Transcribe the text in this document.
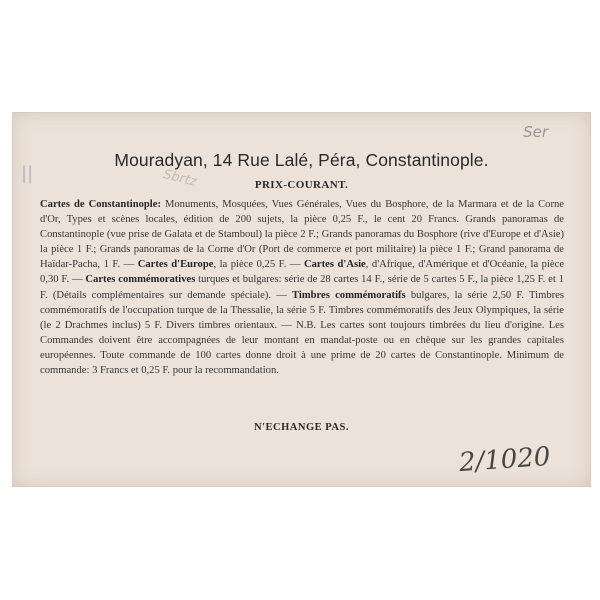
Ser
||	Sbrtz
Mouradyan, 14 Rue Lalé, Péra, Constantinople.
PRIX-COURANT.
Cartes de Constantinople: Monuments, Mosquées, Vues Générales, Vues du Bosphore, de la Marmara et de la Corne d'Or, Types et scènes locales, édition de 200 sujets, la pièce 0,25 F., le cent 20 Francs. Grands panoramas de Constantinople (vue prise de Galata et de Stamboul) la pièce 2 F.; Grands panoramas du Bosphore (rive d'Europe et d'Asie) la pièce 1 F.; Grands panoramas de la Corne d'Or (Port de commerce et port militaire) la pièce 1 F.; Grand panorama de Haïdar-Pacha, 1 F. — Cartes d'Europe, la pièce 0,25 F. — Cartes d'Asie, d'Afrique, d'Amérique et d'Océanie, la pièce 0,30 F. — Cartes commémoratives turques et bulgares: série de 28 cartes 14 F., série de 5 cartes 5 F., la pièce 1,25 F. et 1 F. (Détails complémentaires sur demande spéciale). — Timbres commémoratifs bulgares, la série 2,50 F. Timbres commémoratifs de l'occupation turque de la Thessalie, la série 5 F. Timbres commémoratifs des Jeux Olympiques, la série (le 2 Drachmes inclus) 5 F. Divers timbres orientaux. — N.B. Les cartes sont toujours timbrées du lieu d'origine. Les Commandes doivent être accompagnées de leur montant en mandat-poste ou en chèque sur les grandes capitales européennes. Toute commande de 100 cartes donne droit à une prime de 20 cartes de Constantinople. Minimum de commande: 3 Francs et 0,25 F. pour la recommandation.
N'ECHANGE PAS.
2/1020
